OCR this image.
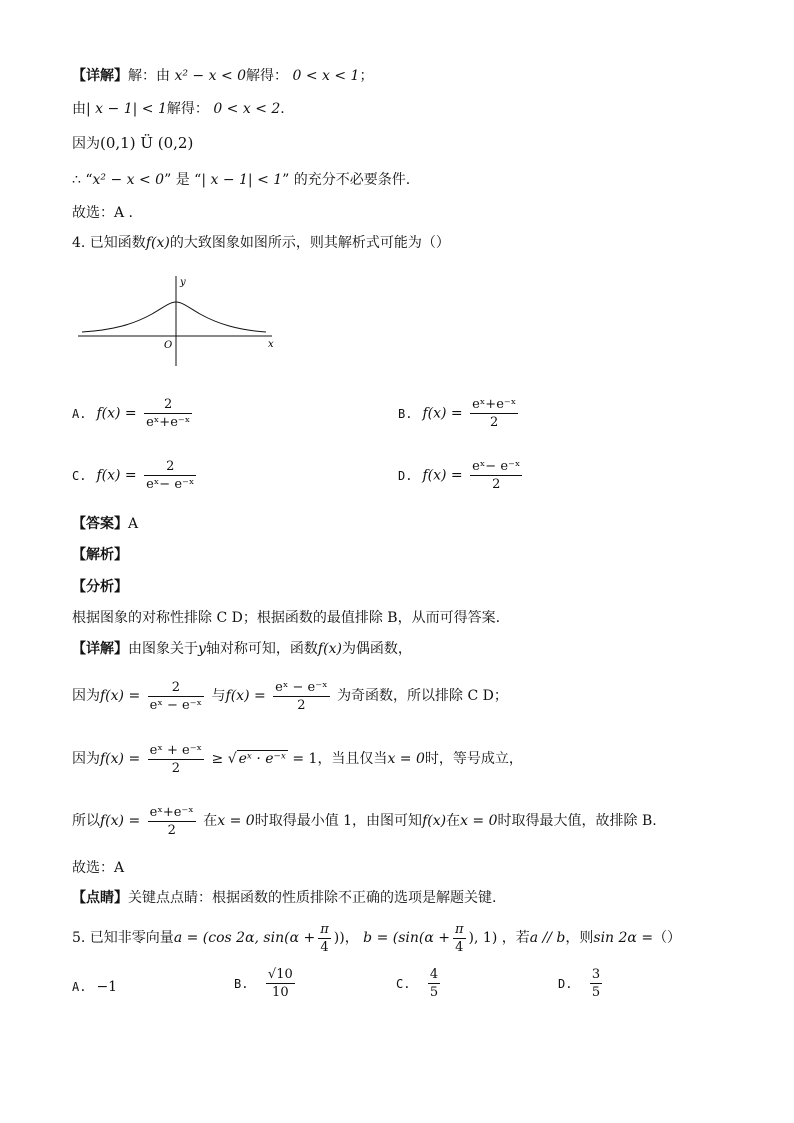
【详解】解：由 x² − x < 0解得： 0 < x < 1；
由| x − 1| < 1解得： 0 < x < 2.
因为(0,1) Ü (0,2)
∴ “x² − x < 0” 是 “| x − 1| < 1” 的充分不必要条件.
故选：A .
4. 已知函数f(x)的大致图象如图所示，则其解析式可能为（）
y
x
O
A. $f(x) = \frac{2}{\text{eˣ+e⁻ˣ}}$	B. $f(x) = \frac{\text{eˣ+e⁻ˣ}}{2}$
C. $f(x) = \frac{2}{\text{eˣ− e⁻ˣ}}$	D. $f(x) = \frac{\text{eˣ− e⁻ˣ}}{2}$
【答案】A
【解析】
【分析】
根据图象的对称性排除 C D；根据函数的最值排除 B，从而可得答案.
【详解】由图象关于y轴对称可知，函数f(x)为偶函数，
因为$f(x) = \frac{2}{\text{eˣ − e⁻ˣ}}$ 与$f(x) = \frac{\text{eˣ − e⁻ˣ}}{2}$ 为奇函数，所以排除 C D；
因为$f(x) = \frac{\text{eˣ + e⁻ˣ}}{2}$ ≥ √ eˣ · e⁻ˣ = 1，当且仅当x = 0时，等号成立，
所以$f(x) = \frac{\text{eˣ+e⁻ˣ}}{2}$ 在x = 0时取得最小值 1，由图可知f(x)在x = 0时取得最大值，故排除 B.
故选：A
【点睛】关键点点睛：根据函数的性质排除不正确的选项是解题关键.
5. 已知非零向量a = (cos 2α, $\sin(\alpha + \frac{\pi}{4}$ ))， $b = (\sin(\alpha + \frac{\pi}{4}$ ), 1) ，若a // b，则sin 2α =（）
A. −1	B. $\frac{√10}{10}$	C. $\frac{4}{5}$	D. $\frac{3}{5}$
